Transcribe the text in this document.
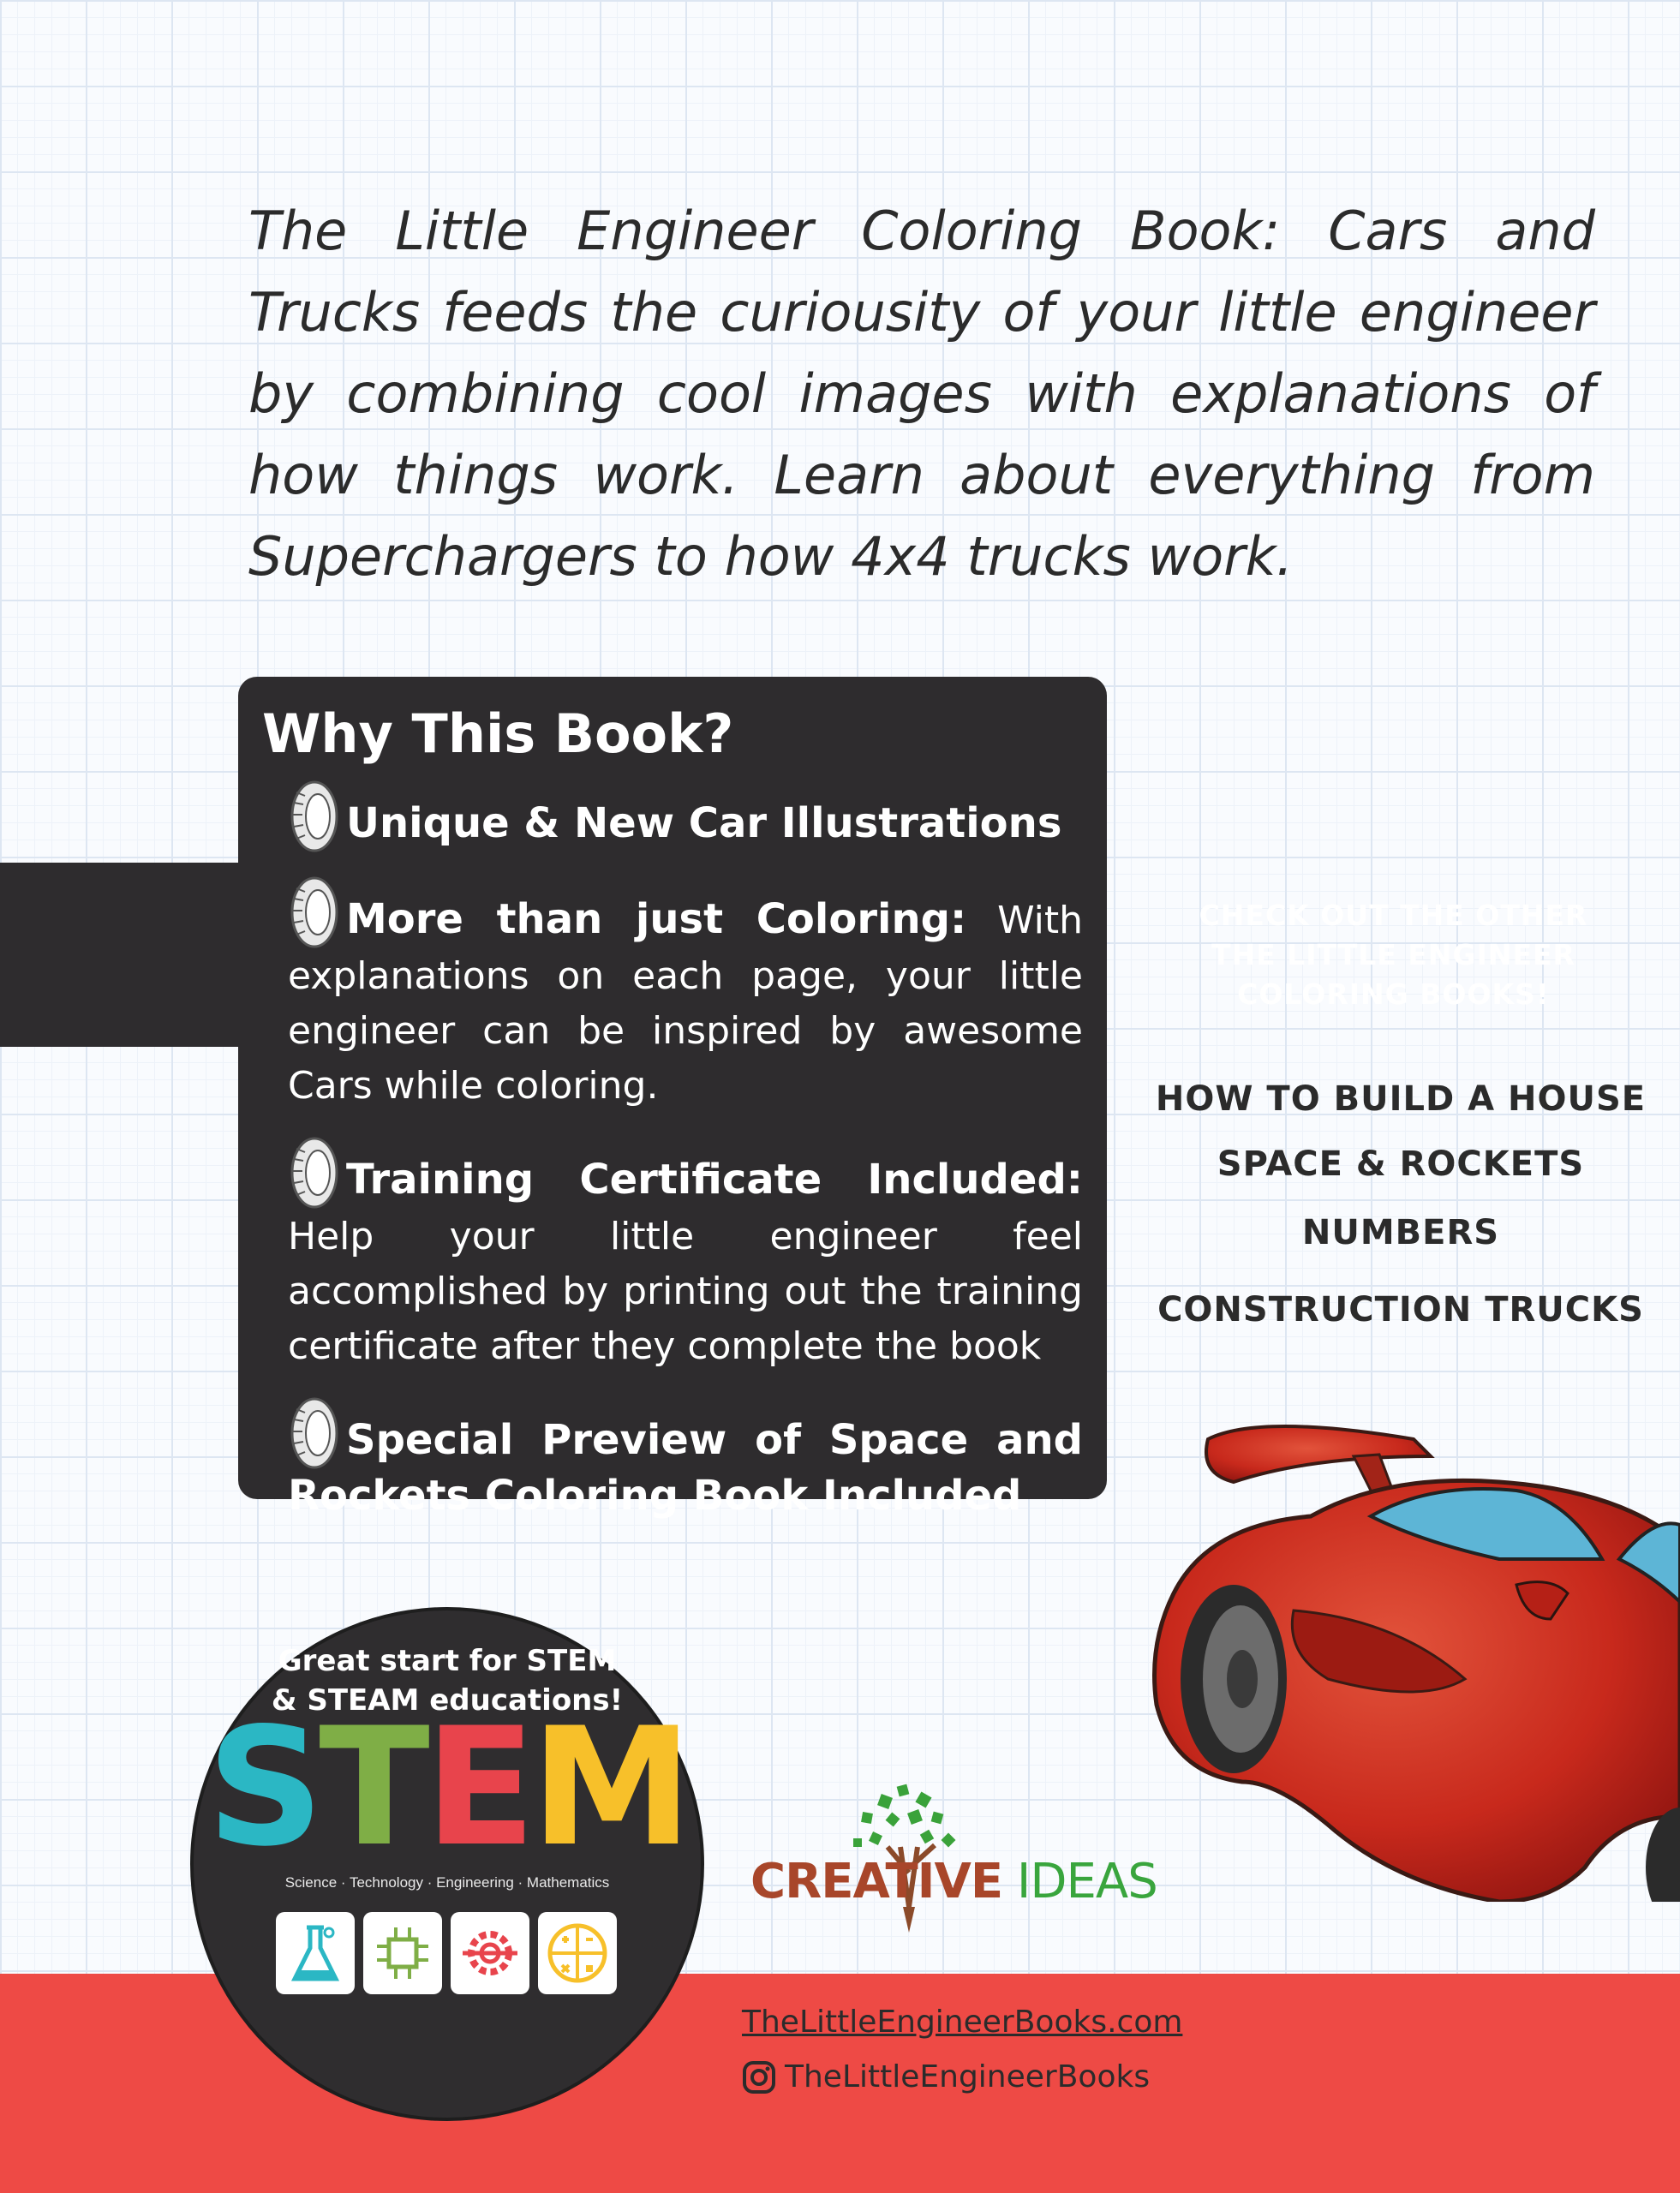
The Little Engineer Coloring Book: Cars and Trucks feeds the curiousity of your little engineer by combining cool images with explanations of how things work. Learn about everything from Superchargers to how 4x4 trucks work.

Why This Book?
Unique & New Car Illustrations
More than just Coloring: With explanations on each page, your little engineer can be inspired by awesome Cars while coloring.
Training Certificate Included: Help your little engineer feel accomplished by printing out the training certificate after they complete the book
Special Preview of Space and Rockets Coloring Book Included
CHECK OUT THE OTHER
THE LITTLE ENGINEER
COLORING BOOKS!
HOW TO BUILD A HOUSE
SPACE & ROCKETS
NUMBERS
CONSTRUCTION TRUCKS
CREATIVE IDEAS
TheLittleEngineerBooks.com
TheLittleEngineerBooks
Great start for STEM
& STEAM educations!
STEM
Science · Technology · Engineering · Mathematics
